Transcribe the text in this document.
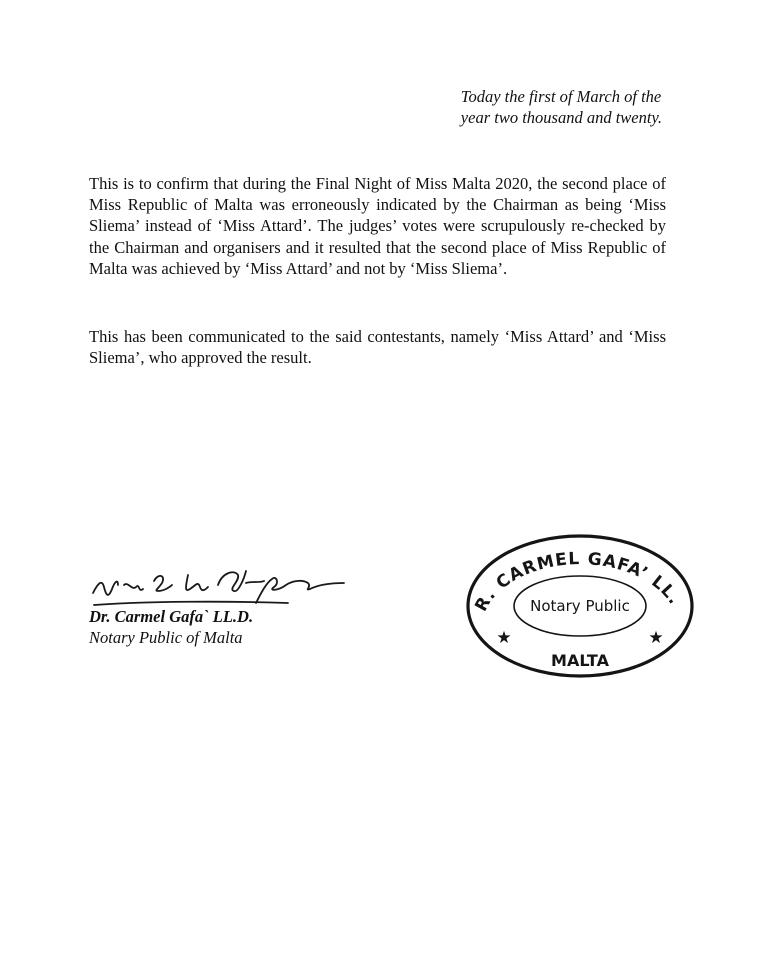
Today the first of March of the
year two thousand and twenty.
This is to confirm that during the Final Night of Miss Malta 2020, the second place of Miss Republic of Malta was erroneously indicated by the Chairman as being ‘Miss Sliema’ instead of ‘Miss Attard’. The judges’ votes were scrupulously re-checked by the Chairman and organisers and it resulted that the second place of Miss Republic of Malta was achieved by ‘Miss Attard’ and not by ‘Miss Sliema’.
This has been communicated to the said contestants, namely ‘Miss Attard’ and ‘Miss Sliema’, who approved the result.
Dr. Carmel Gafa` LL.D.
Notary Public of Malta
R. CARMEL GAFA’ LL.
Notary Public
MALTA
★	★
